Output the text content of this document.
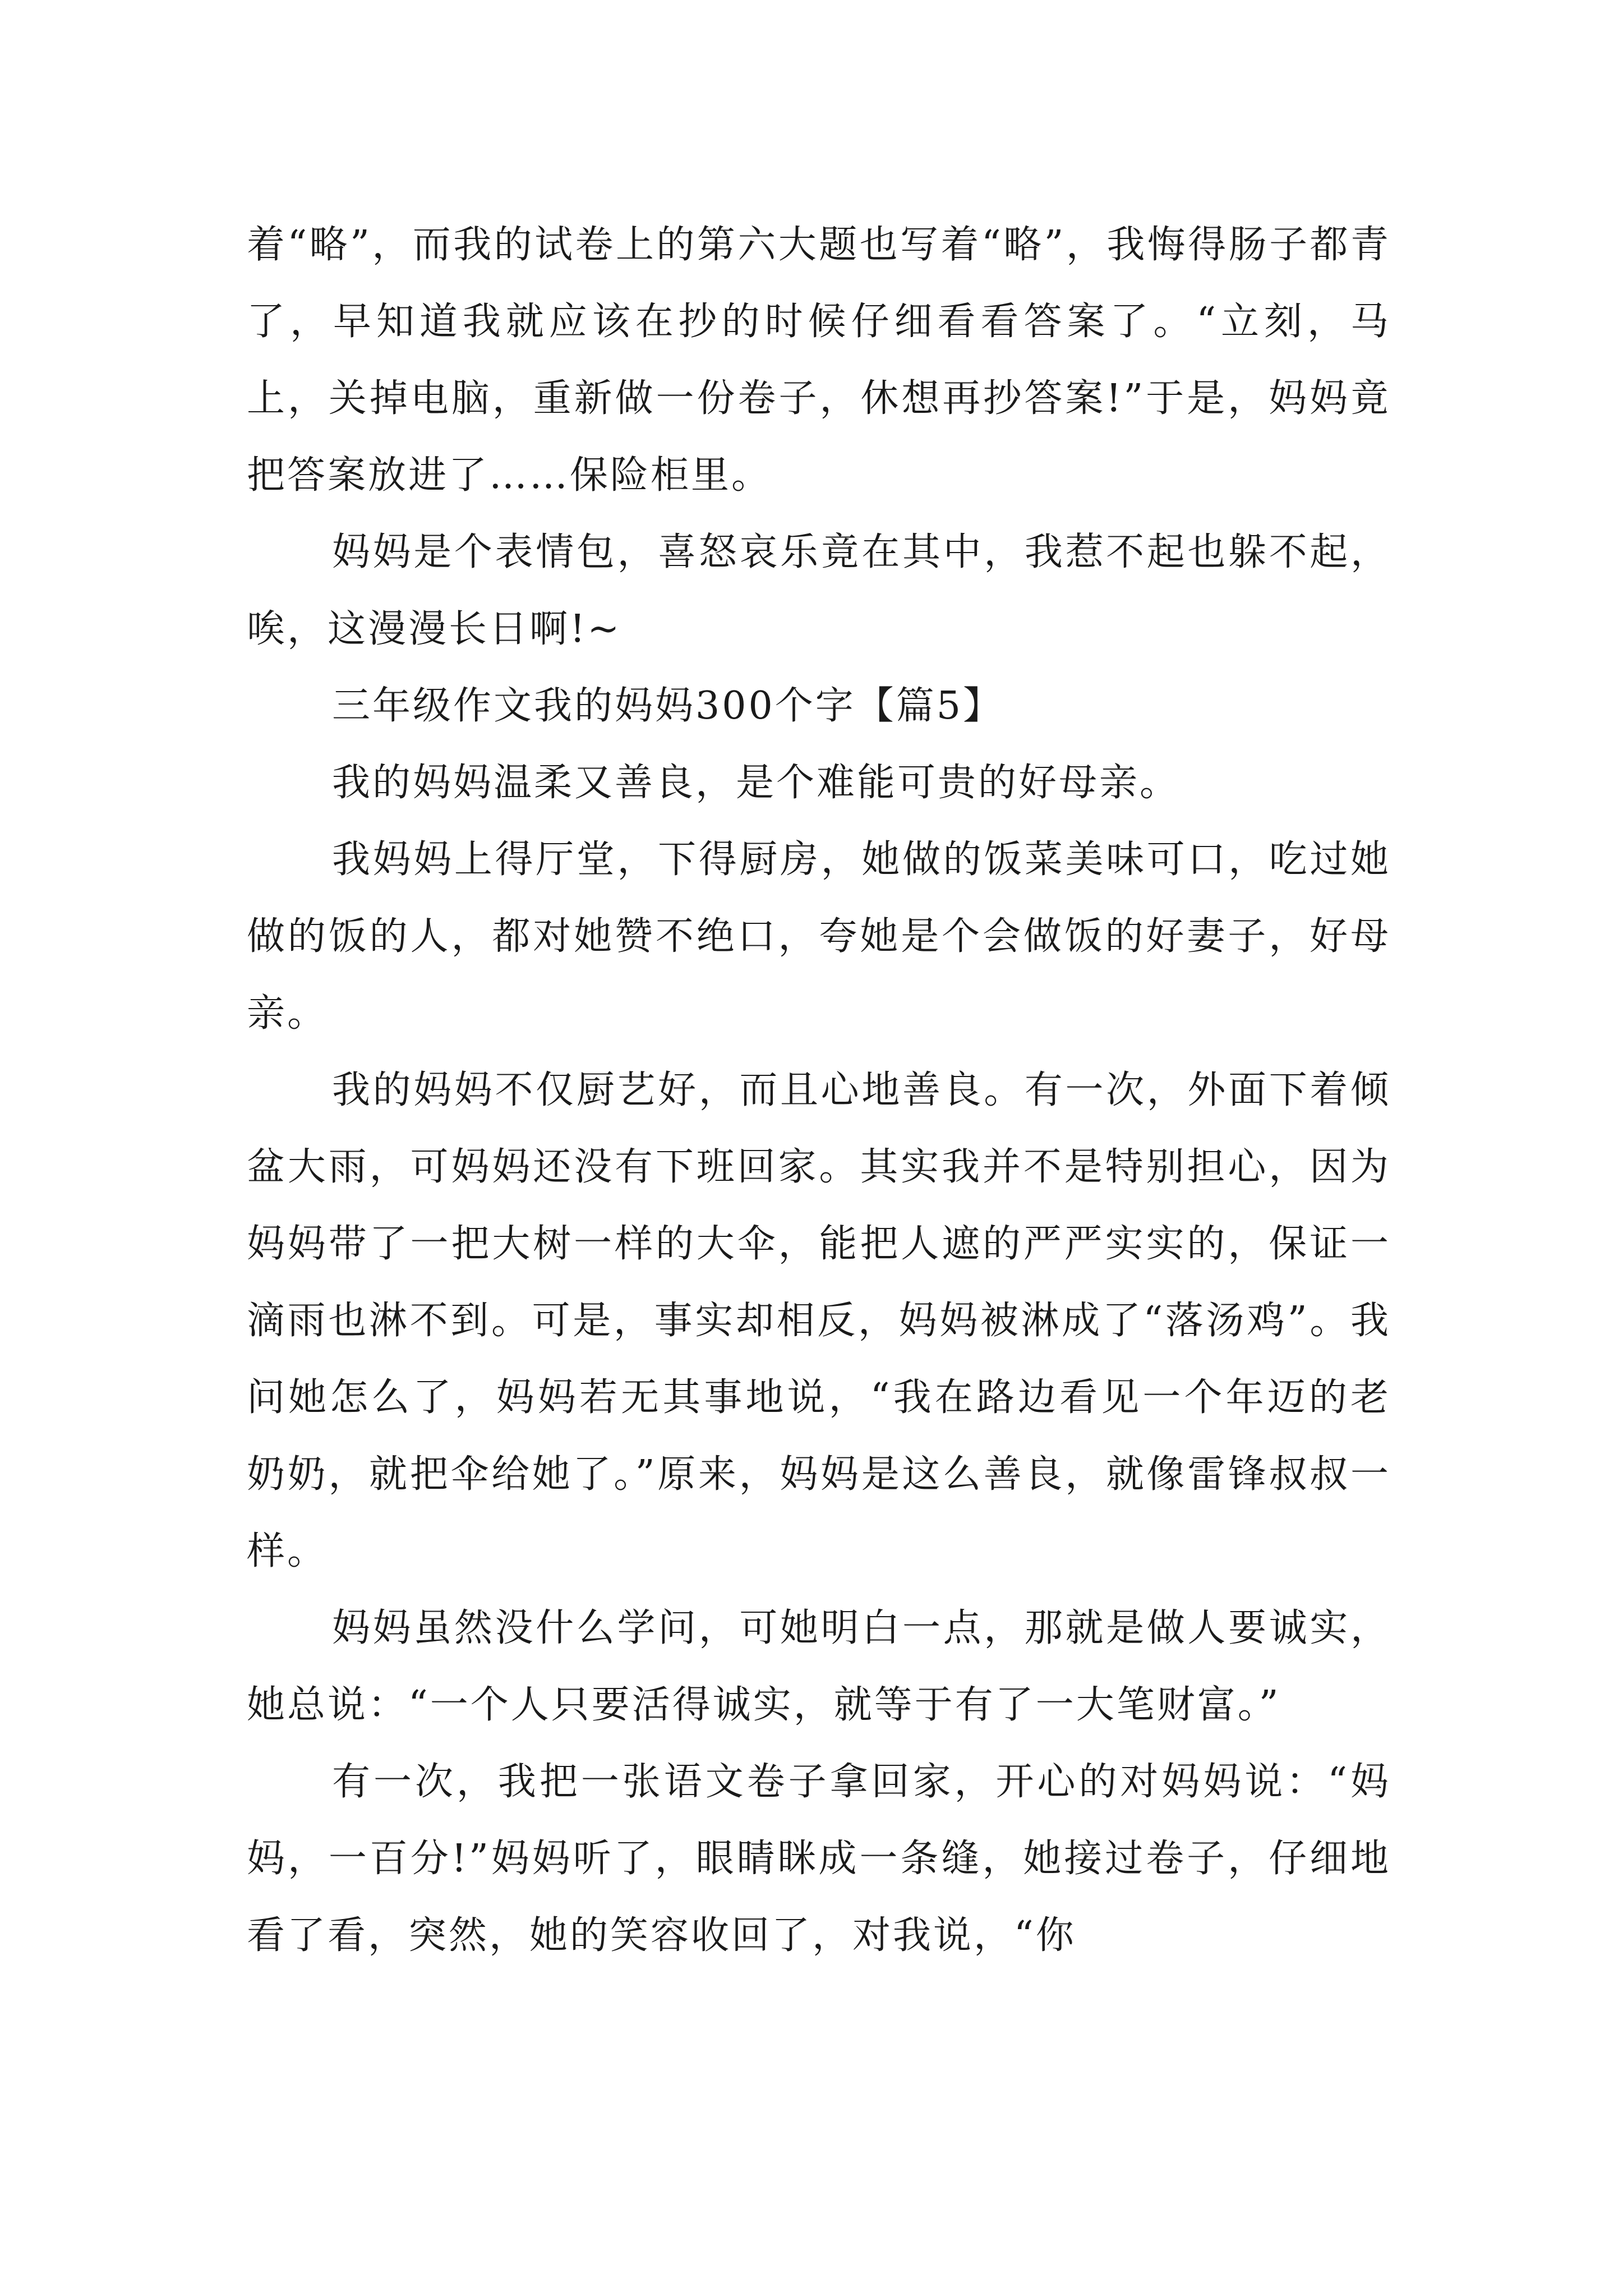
着“略”，而我的试卷上的第六大题也写着“略”，我悔得肠子都青了，早知道我就应该在抄的时候仔细看看答案了。“立刻，马上，关掉电脑，重新做一份卷子，休想再抄答案!”于是，妈妈竟把答案放进了……保险柜里。

妈妈是个表情包，喜怒哀乐竟在其中，我惹不起也躲不起，唉，这漫漫长日啊!~

三年级作文我的妈妈300个字【篇5】

我的妈妈温柔又善良，是个难能可贵的好母亲。

我妈妈上得厅堂，下得厨房，她做的饭菜美味可口，吃过她做的饭的人，都对她赞不绝口，夸她是个会做饭的好妻子，好母亲。

我的妈妈不仅厨艺好，而且心地善良。有一次，外面下着倾盆大雨，可妈妈还没有下班回家。其实我并不是特别担心，因为妈妈带了一把大树一样的大伞，能把人遮的严严实实的，保证一滴雨也淋不到。可是，事实却相反，妈妈被淋成了“落汤鸡”。我问她怎么了，妈妈若无其事地说，“我在路边看见一个年迈的老奶奶，就把伞给她了。”原来，妈妈是这么善良，就像雷锋叔叔一样。

妈妈虽然没什么学问，可她明白一点，那就是做人要诚实，她总说：“一个人只要活得诚实，就等于有了一大笔财富。”

有一次，我把一张语文卷子拿回家，开心的对妈妈说：“妈妈，一百分!”妈妈听了，眼睛眯成一条缝，她接过卷子，仔细地看了看，突然，她的笑容收回了，对我说，“你
